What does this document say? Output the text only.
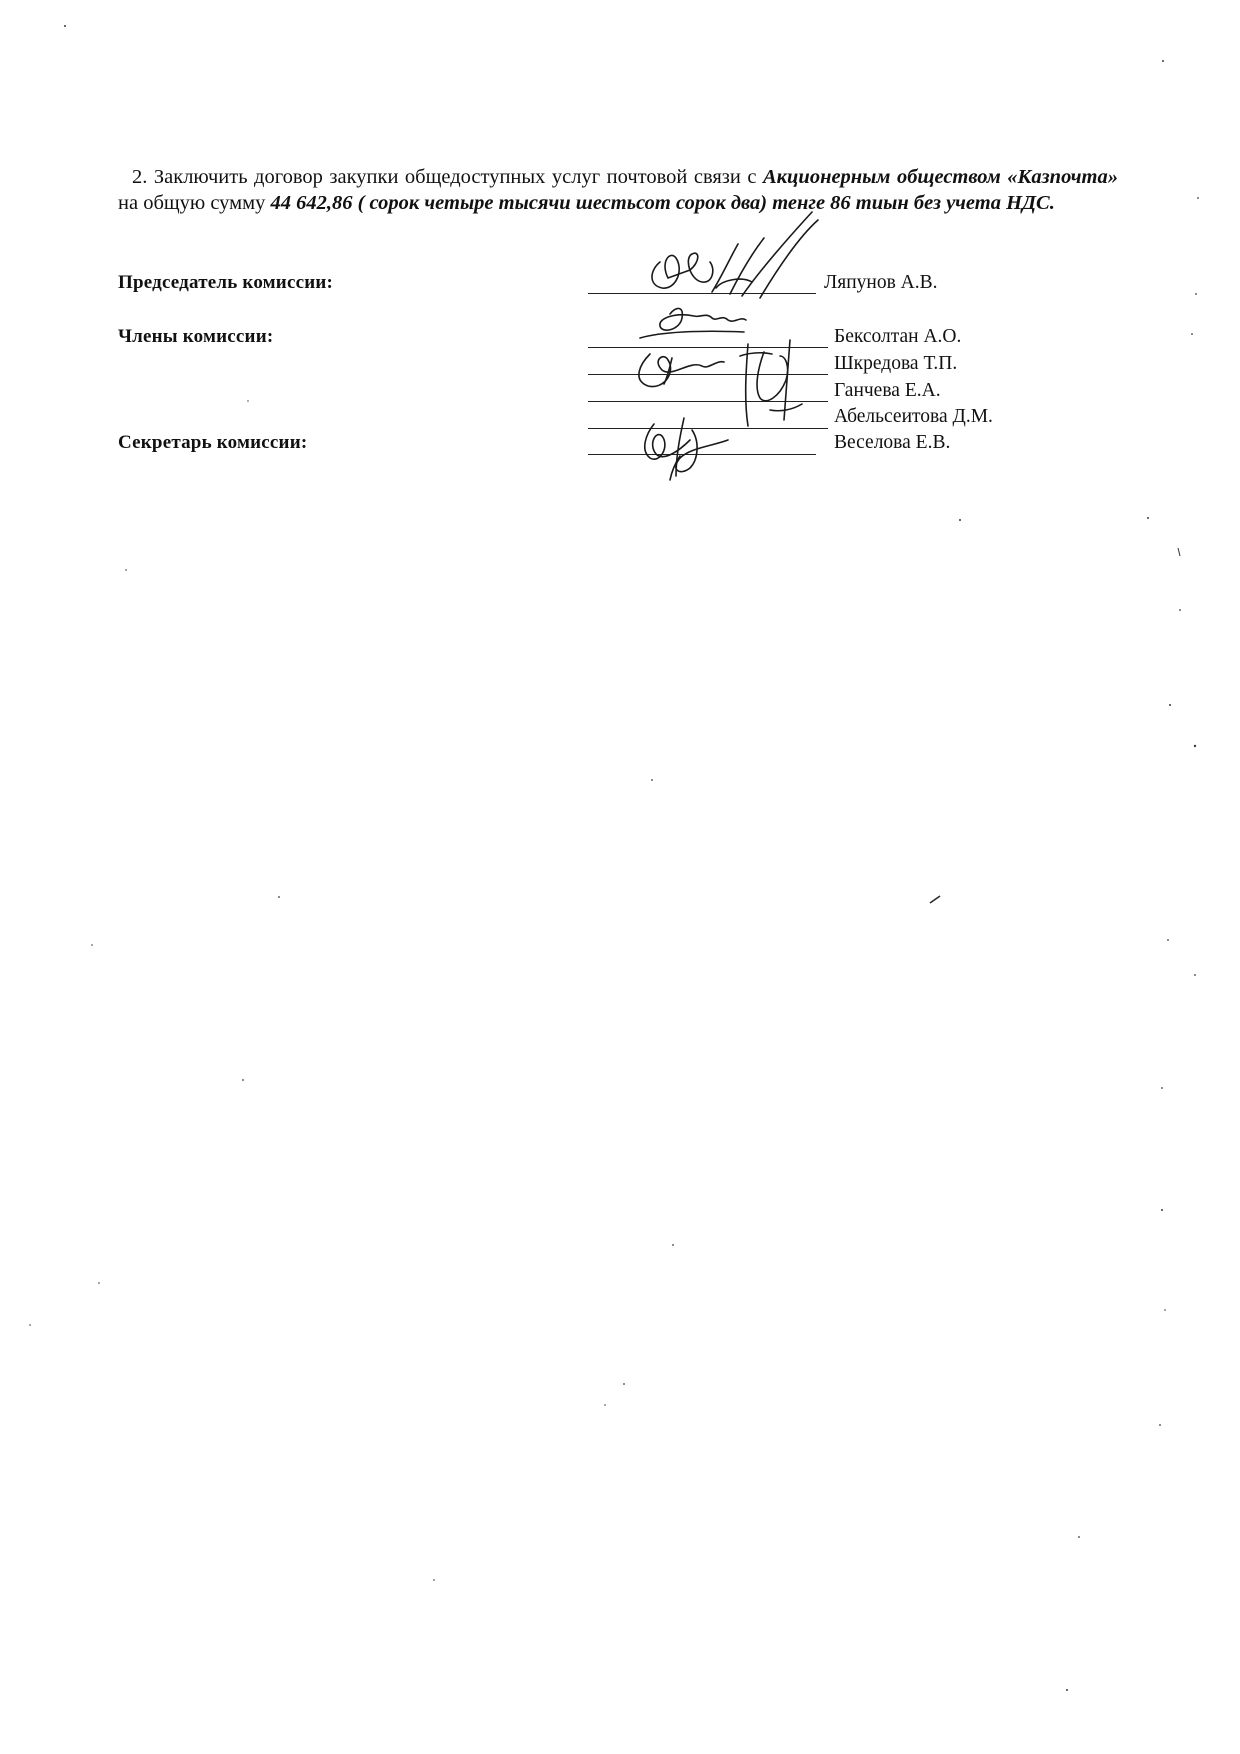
2. Заключить договор закупки общедоступных услуг почтовой связи с Акционерным обществом «Казпочта» на общую сумму 44 642,86 ( сорок четыре тысячи шестьсот сорок два) тенге 86 тиын без учета НДС.
Председатель комиссии:	Ляпунов А.В.
Члены комиссии:	Бексолтан А.О.
Шкредова Т.П.
Ганчева Е.А.
Абельсеитова Д.М.
Секретарь комиссии:	Веселова Е.В.
